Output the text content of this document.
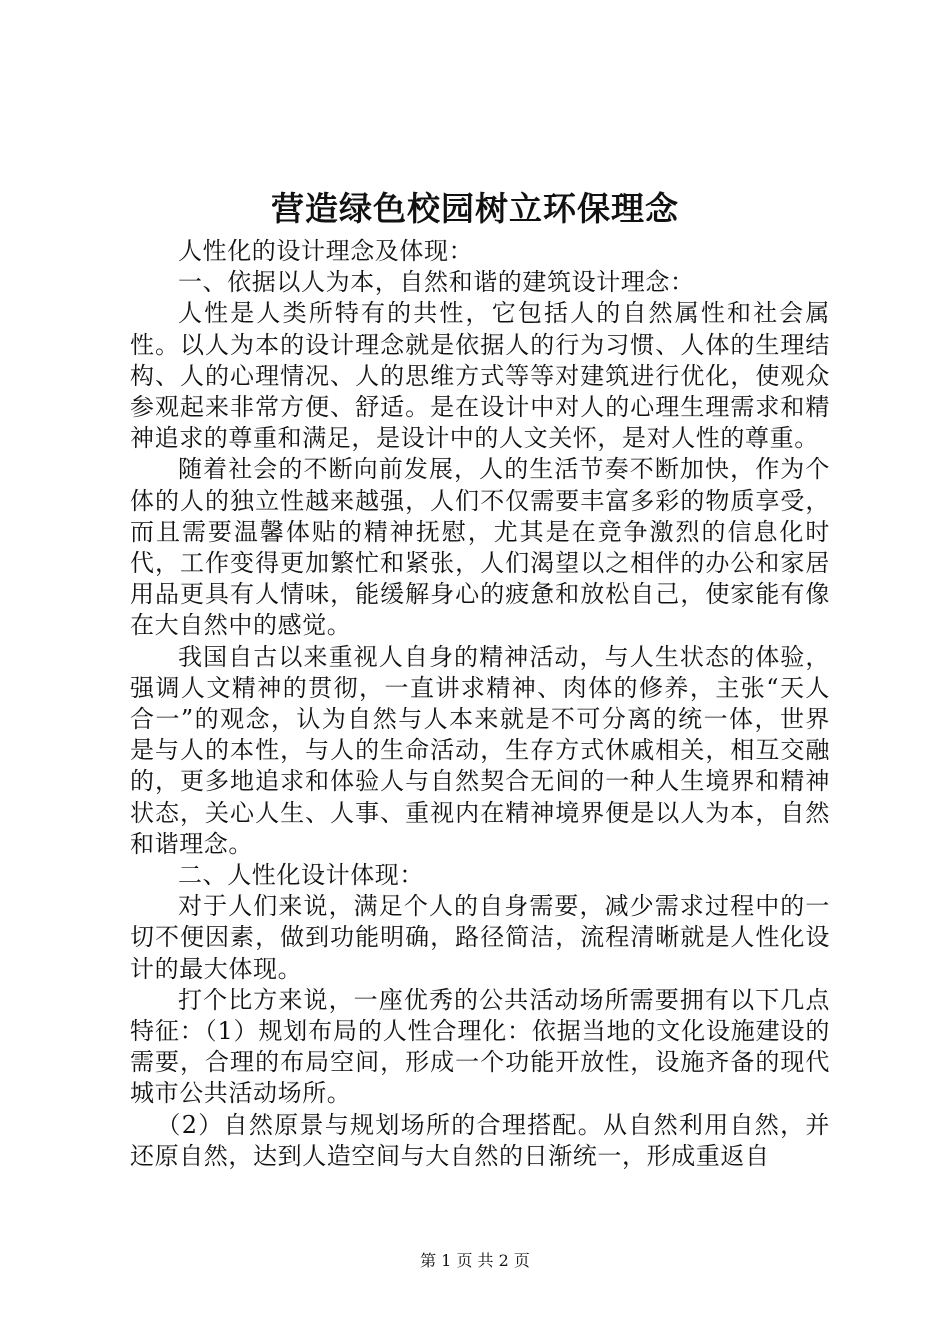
营造绿色校园树立环保理念

人性化的设计理念及体现：

一、依据以人为本，自然和谐的建筑设计理念：

人性是人类所特有的共性，它包括人的自然属性和社会属性。以人为本的设计理念就是依据人的行为习惯、人体的生理结构、人的心理情况、人的思维方式等等对建筑进行优化，使观众参观起来非常方便、舒适。是在设计中对人的心理生理需求和精神追求的尊重和满足，是设计中的人文关怀，是对人性的尊重。

随着社会的不断向前发展，人的生活节奏不断加快，作为个体的人的独立性越来越强，人们不仅需要丰富多彩的物质享受，而且需要温馨体贴的精神抚慰，尤其是在竞争激烈的信息化时代，工作变得更加繁忙和紧张，人们渴望以之相伴的办公和家居用品更具有人情味，能缓解身心的疲惫和放松自己，使家能有像在大自然中的感觉。

我国自古以来重视人自身的精神活动，与人生状态的体验，强调人文精神的贯彻，一直讲求精神、肉体的修养，主张“天人合一”的观念，认为自然与人本来就是不可分离的统一体，世界是与人的本性，与人的生命活动，生存方式休戚相关，相互交融的，更多地追求和体验人与自然契合无间的一种人生境界和精神状态，关心人生、人事、重视内在精神境界便是以人为本，自然和谐理念。

二、人性化设计体现：

对于人们来说，满足个人的自身需要，减少需求过程中的一切不便因素，做到功能明确，路径简洁，流程清晰就是人性化设计的最大体现。

打个比方来说，一座优秀的公共活动场所需要拥有以下几点特征：（1）规划布局的人性合理化：依据当地的文化设施建设的需要，合理的布局空间，形成一个功能开放性，设施齐备的现代城市公共活动场所。

（2）自然原景与规划场所的合理搭配。从自然利用自然，并还原自然，达到人造空间与大自然的日渐统一，形成重返自

第 1 页 共 2 页
